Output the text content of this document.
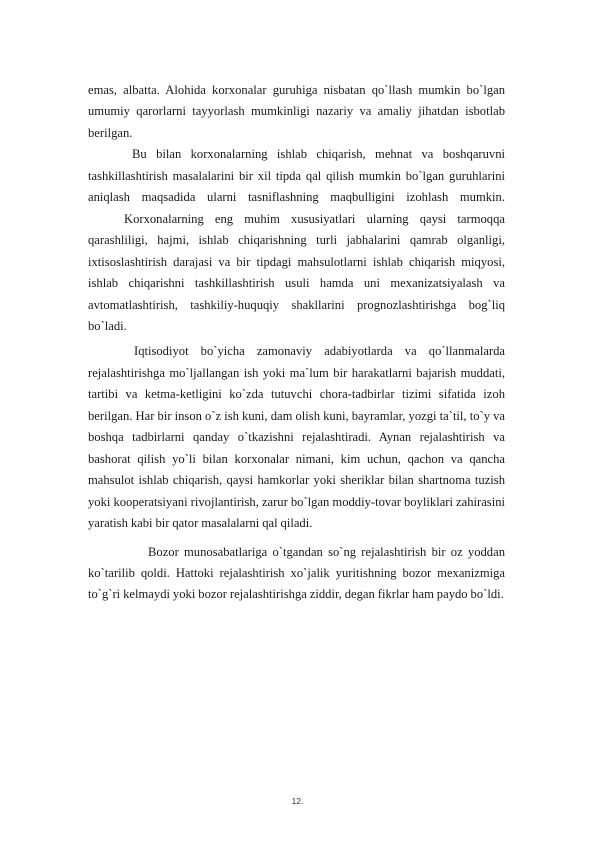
emas, albatta. Alohida korxonalar guruhiga nisbatan qo`llash mumkin bo`lgan umumiy qarorlarni tayyorlash mumkinligi nazariy va amaliy jihatdan isbotlab berilgan.

Bu bilan korxonalarning ishlab chiqarish, mehnat va boshqaruvni tashkillashtirish masalalarini bir xil tipda qal qilish mumkin bo`lgan guruhlarini aniqlash maqsadida ularni tasniflashning maqbulligini izohlash mumkin.

Korxonalarning eng muhim xususiyatlari ularning qaysi tarmoqqa qarashliligi, hajmi, ishlab chiqarishning turli jabhalarini qamrab olganligi, ixtisoslashtirish darajasi va bir tipdagi mahsulotlarni ishlab chiqarish miqyosi, ishlab chiqarishni tashkillashtirish usuli hamda uni mexanizatsiyalash va avtomatlashtirish, tashkiliy-huquqiy shakllarini prognozlashtirishga bog`liq bo`ladi.

Iqtisodiyot bo`yicha zamonaviy adabiyotlarda va qo`llanmalarda rejalashtirishga mo`ljallangan ish yoki ma`lum bir harakatlarni bajarish muddati, tartibi va ketma-ketligini ko`zda tutuvchi chora-tadbirlar tizimi sifatida izoh berilgan. Har bir inson o`z ish kuni, dam olish kuni, bayramlar, yozgi ta`til, to`y va boshqa tadbirlarni qanday o`tkazishni rejalashtiradi. Aynan rejalashtirish va bashorat qilish yo`li bilan korxonalar nimani, kim uchun, qachon va qancha mahsulot ishlab chiqarish, qaysi hamkorlar yoki sheriklar bilan shartnoma tuzish yoki kooperatsiyani rivojlantirish, zarur bo`lgan moddiy-tovar boyliklari zahirasini yaratish kabi bir qator masalalarni qal qiladi.

Bozor munosabatlariga o`tgandan so`ng rejalashtirish bir oz yoddan ko`tarilib qoldi. Hattoki rejalashtirish xo`jalik yuritishning bozor mexanizmiga to`g`ri kelmaydi yoki bozor rejalashtirishga ziddir, degan fikrlar ham paydo bo`ldi.

12.
